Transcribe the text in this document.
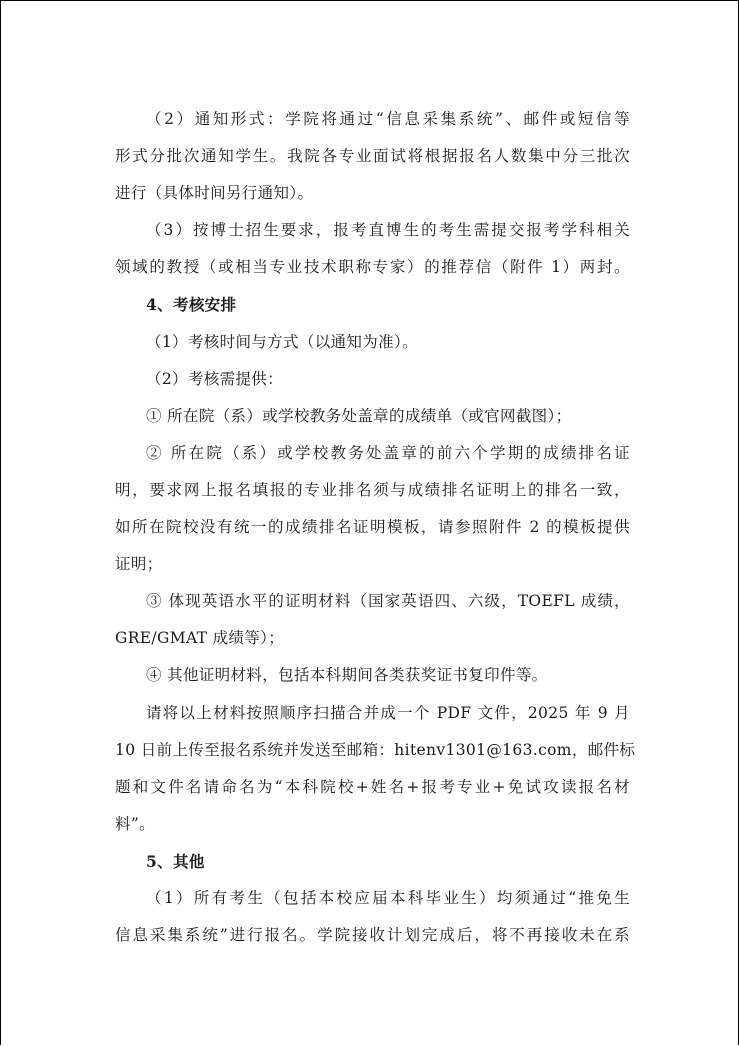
（2）通知形式：学院将通过“信息采集系统”、邮件或短信等
形式分批次通知学生。我院各专业面试将根据报名人数集中分三批次
进行（具体时间另行通知）。
（3）按博士招生要求，报考直博生的考生需提交报考学科相关
领域的教授（或相当专业技术职称专家）的推荐信（附件 1）两封。
4、考核安排
（1）考核时间与方式（以通知为准）。
（2）考核需提供：
① 所在院（系）或学校教务处盖章的成绩单（或官网截图）；
② 所在院（系）或学校教务处盖章的前六个学期的成绩排名证
明，要求网上报名填报的专业排名须与成绩排名证明上的排名一致，
如所在院校没有统一的成绩排名证明模板，请参照附件 2 的模板提供
证明；
③ 体现英语水平的证明材料（国家英语四、六级，TOEFL 成绩，
GRE/GMAT 成绩等）；
④ 其他证明材料，包括本科期间各类获奖证书复印件等。
请将以上材料按照顺序扫描合并成一个 PDF 文件，2025 年 9 月
10 日前上传至报名系统并发送至邮箱：hitenv1301@163.com，邮件标
题和文件名请命名为“本科院校+姓名+报考专业+免试攻读报名材
料”。
5、其他
（1）所有考生（包括本校应届本科毕业生）均须通过“推免生
信息采集系统”进行报名。学院接收计划完成后，将不再接收未在系
